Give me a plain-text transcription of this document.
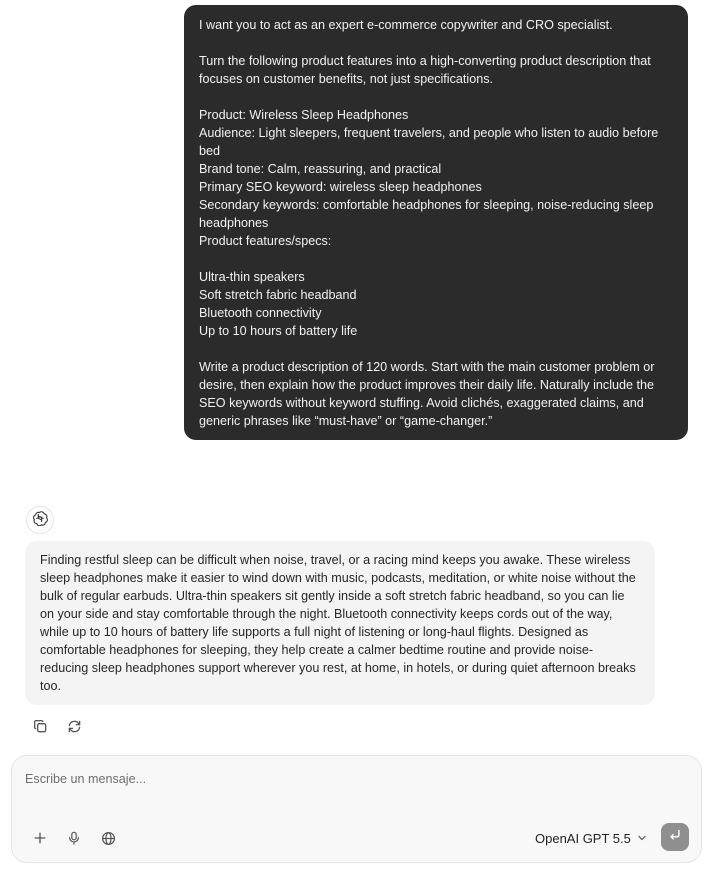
I want you to act as an expert e-commerce copywriter and CRO specialist.

Turn the following product features into a high-converting product description that focuses on customer benefits, not just specifications.

Product: Wireless Sleep Headphones
Audience: Light sleepers, frequent travelers, and people who listen to audio before bed
Brand tone: Calm, reassuring, and practical
Primary SEO keyword: wireless sleep headphones
Secondary keywords: comfortable headphones for sleeping, noise-reducing sleep headphones
Product features/specs:

Ultra-thin speakers
Soft stretch fabric headband
Bluetooth connectivity
Up to 10 hours of battery life

Write a product description of 120 words. Start with the main customer problem or desire, then explain how the product improves their daily life. Naturally include the SEO keywords without keyword stuffing. Avoid clichés, exaggerated claims, and generic phrases like “must-have” or “game-changer.”

Finding restful sleep can be difficult when noise, travel, or a racing mind keeps you awake. These wireless sleep headphones make it easier to wind down with music, podcasts, meditation, or white noise without the bulk of regular earbuds. Ultra-thin speakers sit gently inside a soft stretch fabric headband, so you can lie on your side and stay comfortable through the night. Bluetooth connectivity keeps cords out of the way, while up to 10 hours of battery life supports a full night of listening or long-haul flights. Designed as comfortable headphones for sleeping, they help create a calmer bedtime routine and provide noise-reducing sleep headphones support wherever you rest, at home, in hotels, or during quiet afternoon breaks too.

Escribe un mensaje...
OpenAI GPT 5.5
